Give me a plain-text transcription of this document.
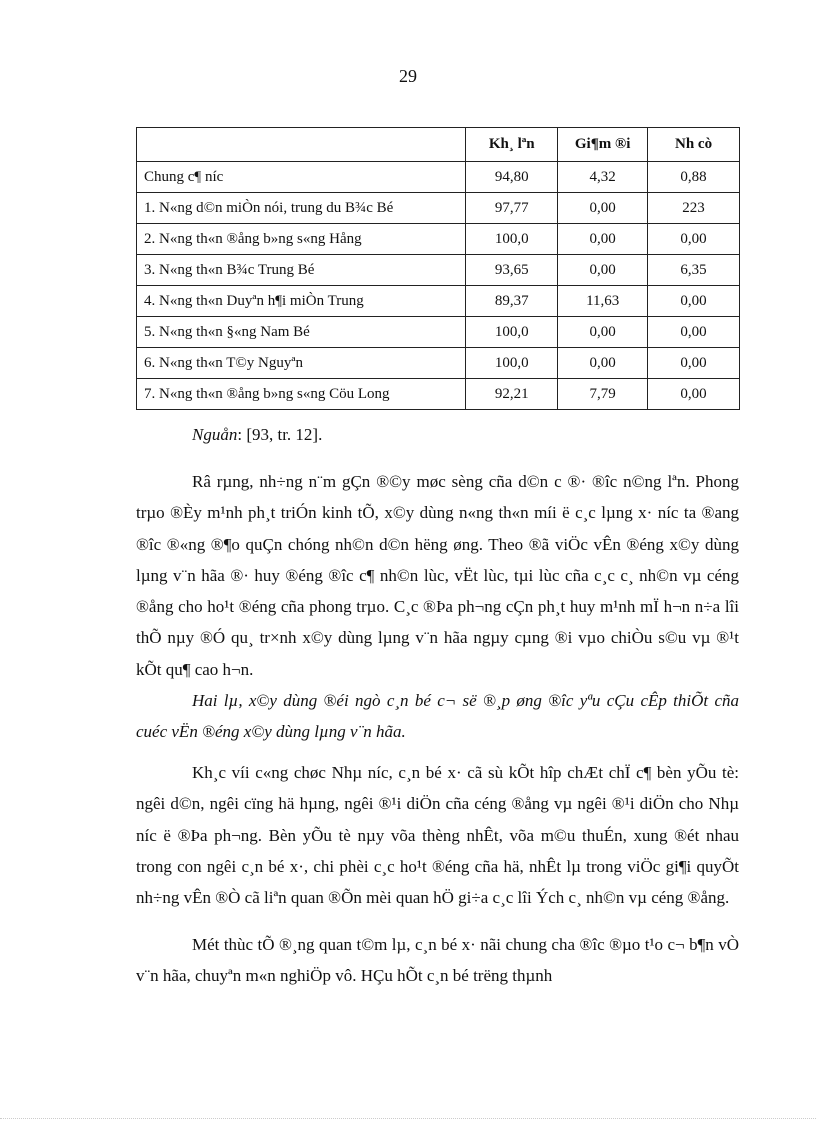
29
	Kh¸ lªn	Gi¶m ®i	Nh cò
Chung c¶ níc	94,80	4,32	0,88
1. N«ng d©n miÒn nói, trung du B¾c Bé	97,77	0,00	223
2. N«ng th«n ®ång b»ng s«ng Hång	100,0	0,00	0,00
3. N«ng th«n B¾c Trung Bé	93,65	0,00	6,35
4. N«ng th«n Duyªn h¶i miÒn Trung	89,37	11,63	0,00
5. N«ng th«n §«ng Nam Bé	100,0	0,00	0,00
6. N«ng th«n T©y Nguyªn	100,0	0,00	0,00
7. N«ng th«n ®ång b»ng s«ng Cöu Long	92,21	7,79	0,00
Nguån: [93, tr. 12].

Râ rµng, nh÷ng n¨m gÇn ®©y møc sèng cña d©n c ®· ®îc n©ng lªn. Phong trµo ®Èy m¹nh ph¸t triÓn kinh tÕ, x©y dùng n«ng th«n míi ë c¸c lµng x· níc ta ®ang ®îc ®«ng ®¶o quÇn chóng nh©n d©n hëng øng. Theo ®ã viÖc vÊn ®éng x©y dùng lµng v¨n hãa ®· huy ®éng ®îc c¶ nh©n lùc, vËt lùc, tµi lùc cña c¸c c¸ nh©n vµ céng ®ång cho ho¹t ®éng cña phong trµo. C¸c ®Þa ph¬ng cÇn ph¸t huy m¹nh mÏ h¬n n÷a lîi thÕ nµy ®Ó qu¸ tr×nh x©y dùng lµng v¨n hãa ngµy cµng ®i vµo chiÒu s©u vµ ®¹t kÕt qu¶ cao h¬n.

Hai lµ, x©y dùng ®éi ngò c¸n bé c¬ së ®¸p øng ®îc yªu cÇu cÊp thiÕt cña cuéc vËn ®éng x©y dùng lµng v¨n hãa.

Kh¸c víi c«ng chøc Nhµ níc, c¸n bé x· cã sù kÕt hîp chÆt chÏ c¶ bèn yÕu tè: ngêi d©n, ngêi cïng hä hµng, ngêi ®¹i diÖn cña céng ®ång vµ ngêi ®¹i diÖn cho Nhµ níc ë ®Þa ph¬ng. Bèn yÕu tè nµy võa thèng nhÊt, võa m©u thuÉn, xung ®ét nhau trong con ngêi c¸n bé x·, chi phèi c¸c ho¹t ®éng cña hä, nhÊt lµ trong viÖc gi¶i quyÕt nh÷ng vÊn ®Ò cã liªn quan ®Õn mèi quan hÖ gi÷a c¸c lîi Ých c¸ nh©n vµ céng ®ång.

Mét thùc tÕ ®¸ng quan t©m lµ, c¸n bé x· nãi chung cha ®îc ®µo t¹o c¬ b¶n vÒ v¨n hãa, chuyªn m«n nghiÖp vô. HÇu hÕt c¸n bé trëng thµnh
